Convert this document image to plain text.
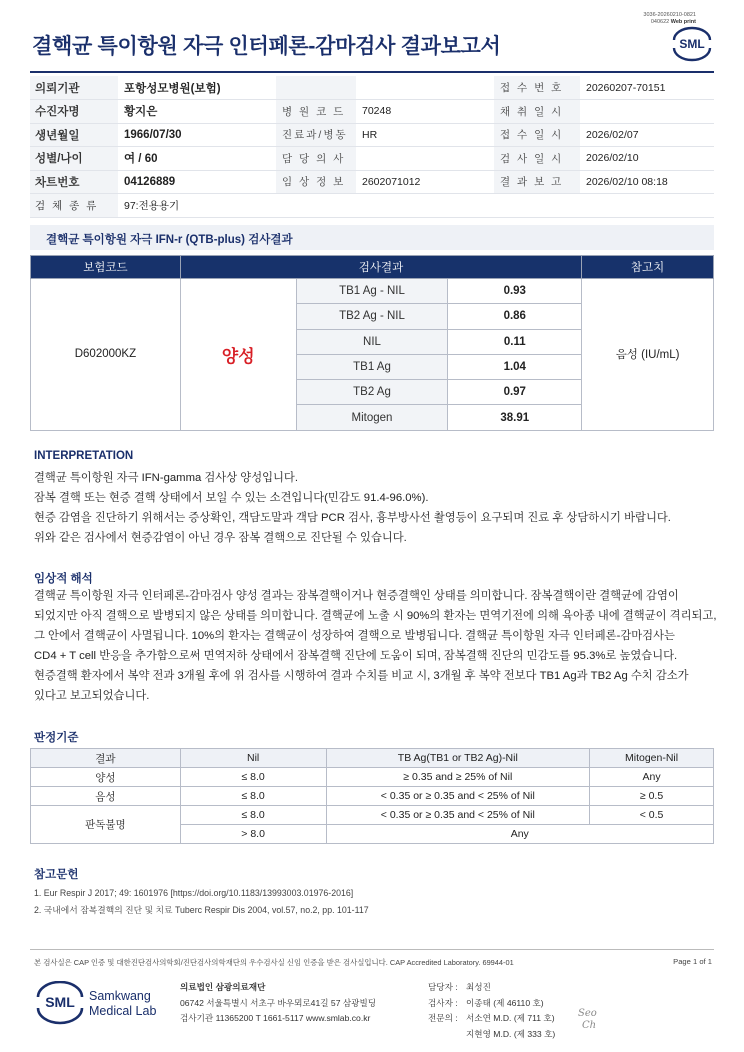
3036-20260210-0821
040622 Web print
결핵균 특이항원 자극 인터페론-감마검사 결과보고서	SML
의뢰기관	포항성모병원(보험)			접 수 번 호	20260207-70151
수진자명	황지은	병 원 코 드	70248	채 취 일 시	
생년월일	1966/07/30	진료과/병동	HR	접 수 일 시	2026/02/07
성별/나이	여 / 60	담 당 의 사		검 사 일 시	2026/02/10
차트번호	04126889	임 상 정 보	2602071012	결 과 보 고	2026/02/10 08:18
검 체 종 류	97:전용용기				
결핵균 특이항원 자극 IFN-r (QTB-plus) 검사결과
보험코드	검사결과			참고치
D602000KZ	양성	TB1 Ag - NIL	0.93	음성 (IU/mL)
		TB2 Ag - NIL	0.86	
		NIL	0.11	
		TB1 Ag	1.04	
		TB2 Ag	0.97	
		Mitogen	38.91	
INTERPRETATION
결핵균 특이항원 자극 IFN-gamma 검사상 양성입니다.
잠복 결핵 또는 현증 결핵 상태에서 보일 수 있는 소견입니다(민감도 91.4-96.0%).
현증 감염을 진단하기 위해서는 증상확인, 객담도말과 객담 PCR 검사, 흉부방사선 촬영등이 요구되며 진료 후 상담하시기 바랍니다.
위와 같은 검사에서 현증감염이 아닌 경우 잠복 결핵으로 진단될 수 있습니다.
임상적 해석
결핵균 특이항원 자극 인터페론-감마검사 양성 결과는 잠복결핵이거나 현증결핵인 상태를 의미합니다. 잠복결핵이란 결핵균에 감염이
되었지만 아직 결핵으로 발병되지 않은 상태를 의미합니다. 결핵균에 노출 시 90%의 환자는 면역기전에 의해 육아종 내에 결핵균이 격리되고,
그 안에서 결핵균이 사멸됩니다. 10%의 환자는 결핵균이 성장하여 결핵으로 발병됩니다. 결핵균 특이항원 자극 인터페론-감마검사는
CD4 + T cell 반응을 추가함으로써 면역저하 상태에서 잠복결핵 진단에 도움이 되며, 잠복결핵 진단의 민감도를 95.3%로 높였습니다.
현증결핵 환자에서 복약 전과 3개월 후에 위 검사를 시행하여 결과 수치를 비교 시, 3개월 후 복약 전보다 TB1 Ag과 TB2 Ag 수치 감소가
있다고 보고되었습니다.
판정기준
결과	Nil	TB Ag(TB1 or TB2 Ag)-Nil	Mitogen-Nil
양성	≤ 8.0	≥ 0.35 and ≥ 25% of Nil	Any
음성	≤ 8.0	< 0.35 or ≥ 0.35 and < 25% of Nil	≥ 0.5
판독불명	≤ 8.0	< 0.35 or ≥ 0.35 and < 25% of Nil	< 0.5
	> 8.0	Any	
참고문헌
1. Eur Respir J 2017; 49: 1601976 [https://doi.org/10.1183/13993003.01976-2016]
2. 국내에서 잠복결핵의 진단 및 치료 Tuberc Respir Dis 2004, vol.57, no.2, pp. 101-117
본 검사실은 CAP 인증 및 대한진단검사의학회/진단검사의학재단의 우수검사실 신임 인증을 받은 검사실입니다. CAP Accredited Laboratory. 69944-01	Page 1 of 1
SML Samkwang
Medical Lab
의료법인 삼광의료재단
06742 서울특별시 서초구 바우뫼로41길 57 삼광빌딩
검사기관 11365200 T 1661-5117 www.smlab.co.kr
담당자 : 최성진
검사자 : 이종태 (제 46110 호)
전문의 : 서소연 M.D. (제 711 호)
지현영 M.D. (제 333 호)
Seo
Ch
